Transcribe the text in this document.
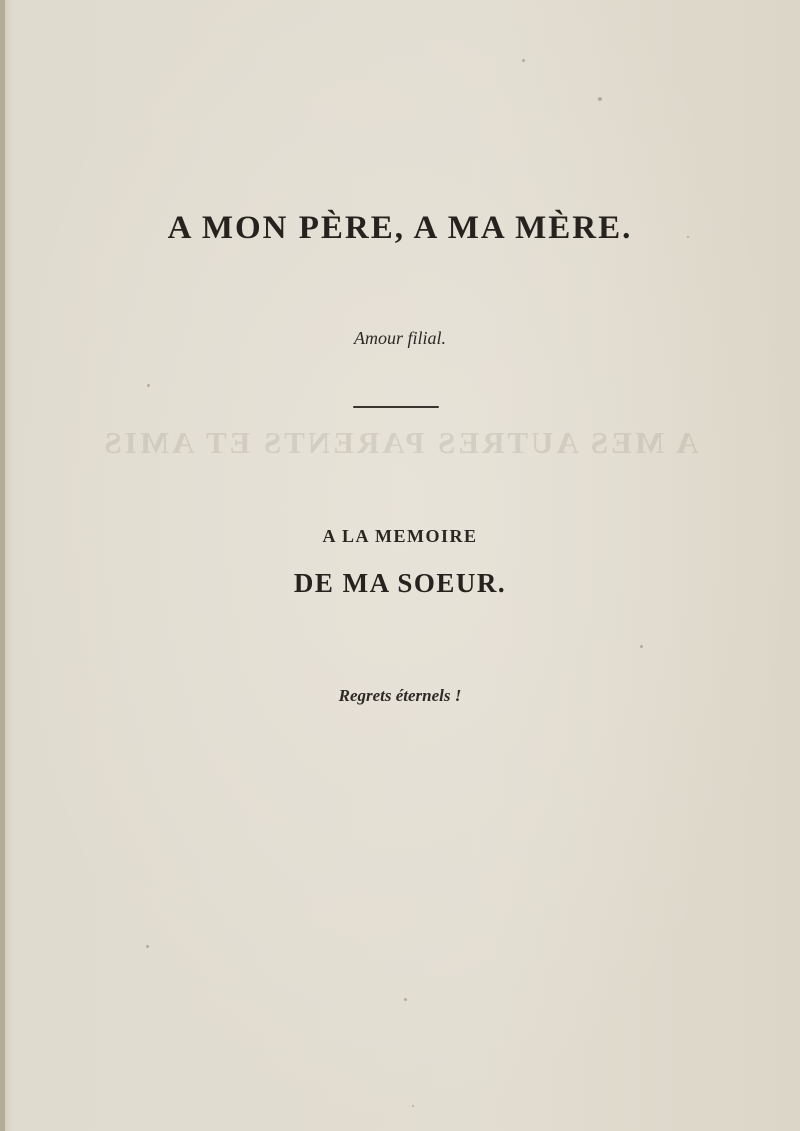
A MES AUTRES PARENTS ET AMIS
A MON PÈRE, A MA MÈRE.
Amour filial.
A LA MEMOIRE
DE MA SOEUR.
Regrets éternels !
